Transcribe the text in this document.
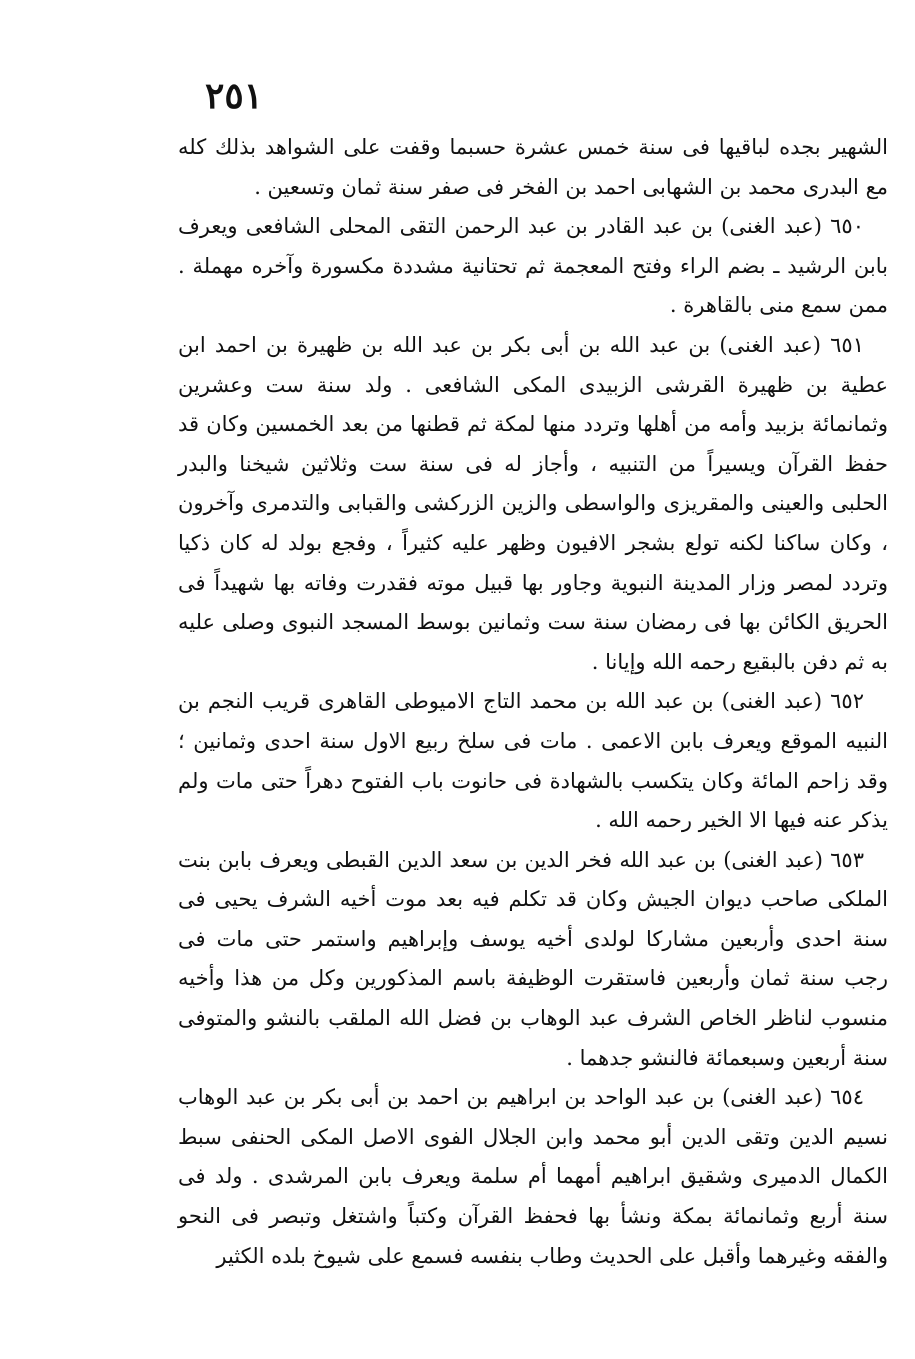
٢٥١

الشهير بجده لباقيها فى سنة خمس عشرة حسبما وقفت على الشواهد بذلك كله مع البدرى محمد بن الشهابى احمد بن الفخر فى صفر سنة ثمان وتسعين .

٦٥٠ (عبد الغنى) بن عبد القادر بن عبد الرحمن التقى المحلى الشافعى ويعرف بابن الرشيد ـ بضم الراء وفتح المعجمة ثم تحتانية مشددة مكسورة وآخره مهملة . ممن سمع منى بالقاهرة .

٦٥١ (عبد الغنى) بن عبد الله بن أبى بكر بن عبد الله بن ظهيرة بن احمد ابن عطية بن ظهيرة القرشى الزبيدى المكى الشافعى . ولد سنة ست وعشرين وثمانمائة بزبيد وأمه من أهلها وتردد منها لمكة ثم قطنها من بعد الخمسين وكان قد حفظ القرآن ويسيراً من التنبيه ، وأجاز له فى سنة ست وثلاثين شيخنا والبدر الحلبى والعينى والمقريزى والواسطى والزين الزركشى والقبابى والتدمرى وآخرون ، وكان ساكنا لكنه تولع بشجر الافيون وظهر عليه كثيراً ، وفجع بولد له كان ذكيا وتردد لمصر وزار المدينة النبوية وجاور بها قبيل موته فقدرت وفاته بها شهيداً فى الحريق الكائن بها فى رمضان سنة ست وثمانين بوسط المسجد النبوى وصلى عليه به ثم دفن بالبقيع رحمه الله وإيانا .

٦٥٢ (عبد الغنى) بن عبد الله بن محمد التاج الاميوطى القاهرى قريب النجم بن النبيه الموقع ويعرف بابن الاعمى . مات فى سلخ ربيع الاول سنة احدى وثمانين ؛ وقد زاحم المائة وكان يتكسب بالشهادة فى حانوت باب الفتوح دهراً حتى مات ولم يذكر عنه فيها الا الخير رحمه الله .

٦٥٣ (عبد الغنى) بن عبد الله فخر الدين بن سعد الدين القبطى ويعرف بابن بنت الملكى صاحب ديوان الجيش وكان قد تكلم فيه بعد موت أخيه الشرف يحيى فى سنة احدى وأربعين مشاركا لولدى أخيه يوسف وإبراهيم واستمر حتى مات فى رجب سنة ثمان وأربعين فاستقرت الوظيفة باسم المذكورين وكل من هذا وأخيه منسوب لناظر الخاص الشرف عبد الوهاب بن فضل الله الملقب بالنشو والمتوفى سنة أربعين وسبعمائة فالنشو جدهما .

٦٥٤ (عبد الغنى) بن عبد الواحد بن ابراهيم بن احمد بن أبى بكر بن عبد الوهاب نسيم الدين وتقى الدين أبو محمد وابن الجلال الفوى الاصل المكى الحنفى سبط الكمال الدميرى وشقيق ابراهيم أمهما أم سلمة ويعرف بابن المرشدى . ولد فى سنة أربع وثمانمائة بمكة ونشأ بها فحفظ القرآن وكتباً واشتغل وتبصر فى النحو والفقه وغيرهما وأقبل على الحديث وطاب بنفسه فسمع على شيوخ بلده الكثير
